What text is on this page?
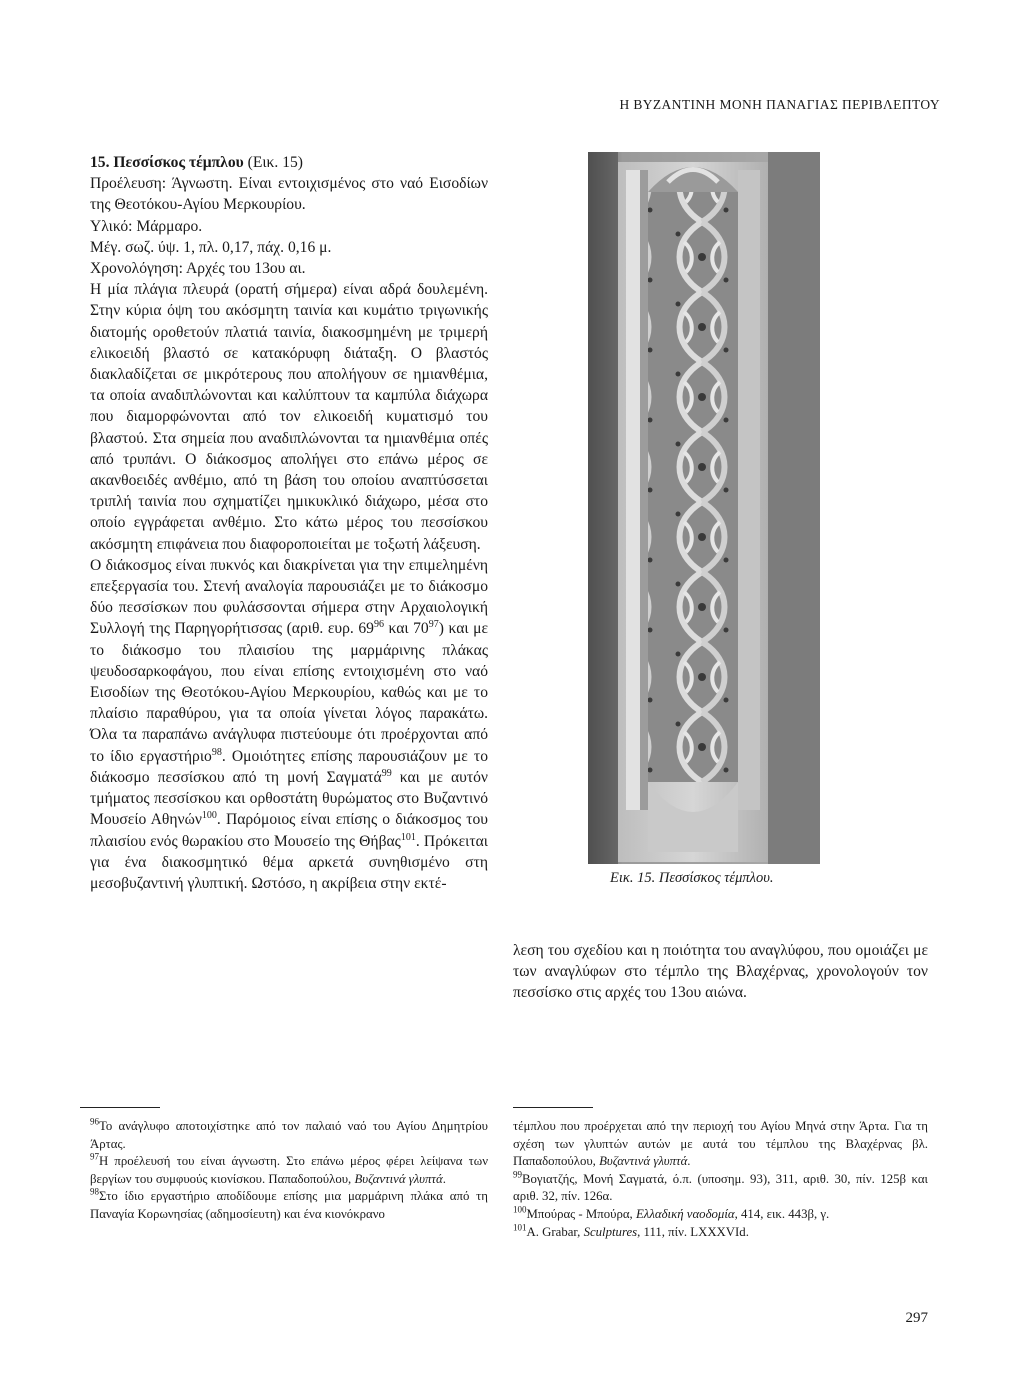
Η ΒΥΖΑΝΤΙΝΗ ΜΟΝΗ ΠΑΝΑΓΙΑΣ ΠΕΡΙΒΛΕΠΤΟΥ

15. Πεσσίσκος τέμπλου (Εικ. 15)

Προέλευση: Άγνωστη. Είναι εντοιχισμένος στο ναό Εισοδίων της Θεοτόκου-Αγίου Μερκουρίου.

Υλικό: Μάρμαρο.

Μέγ. σωζ. ύψ. 1, πλ. 0,17, πάχ. 0,16 μ.

Χρονολόγηση: Αρχές του 13ου αι.

Η μία πλάγια πλευρά (ορατή σήμερα) είναι αδρά δουλεμένη. Στην κύρια όψη του ακόσμητη ταινία και κυμάτιο τριγωνικής διατομής οροθετούν πλατιά ταινία, διακοσμημένη με τριμερή ελικοειδή βλαστό σε κατακόρυφη διάταξη. Ο βλαστός διακλαδίζεται σε μικρότερους που απολήγουν σε ημιανθέμια, τα οποία αναδιπλώνονται και καλύπτουν τα καμπύλα διάχωρα που διαμορφώνονται από τον ελικοειδή κυματισμό του βλαστού. Στα σημεία που αναδιπλώνονται τα ημιανθέμια οπές από τρυπάνι. Ο διάκοσμος απολήγει στο επάνω μέρος σε ακανθοειδές ανθέμιο, από τη βάση του οποίου αναπτύσσεται τριπλή ταινία που σχηματίζει ημικυκλικό διάχωρο, μέσα στο οποίο εγγράφεται ανθέμιο. Στο κάτω μέρος του πεσσίσκου ακόσμητη επιφάνεια που διαφοροποιείται με τοξωτή λάξευση.

Ο διάκοσμος είναι πυκνός και διακρίνεται για την επιμελημένη επεξεργασία του. Στενή αναλογία παρουσιάζει με το διάκοσμο δύο πεσσίσκων που φυλάσσονται σήμερα στην Αρχαιολογική Συλλογή της Παρηγορήτισσας (αριθ. ευρ. $69^{96}$ και $70^{97}$) και με το διάκοσμο του πλαισίου της μαρμάρινης πλάκας ψευδοσαρκοφάγου, που είναι επίσης εντοιχισμένη στο ναό Εισοδίων της Θεοτόκου-Αγίου Μερκουρίου, καθώς και με το πλαίσιο παραθύρου, για τα οποία γίνεται λόγος παρακάτω. Όλα τα παραπάνω ανάγλυφα πιστεύουμε ότι προέρχονται από το ίδιο εργαστήριο$^{98}$. Ομοιότητες επίσης παρουσιάζουν με το διάκοσμο πεσσίσκου από τη μονή Σαγματά$^{99}$ και με αυτόν τμήματος πεσσίσκου και ορθοστάτη θυρώματος στο Βυζαντινό Μουσείο Αθηνών$^{100}$. Παρόμοιος είναι επίσης ο διάκοσμος του πλαισίου ενός θωρακίου στο Μουσείο της Θήβας$^{101}$. Πρόκειται για ένα διακοσμητικό θέμα αρκετά συνηθισμένο στη μεσοβυζαντινή γλυπτική. Ωστόσο, η ακρίβεια στην εκτέ-	Εικ. 15. Πεσσίσκος τέμπλου.
λεση του σχεδίου και η ποιότητα του αναγλύφου, που ομοιάζει με των αναγλύφων στο τέμπλο της Βλαχέρνας, χρονολογούν τον πεσσίσκο στις αρχές του 13ου αιώνα.

$^{96}$Το ανάγλυφο αποτοιχίστηκε από τον παλαιό ναό του Αγίου Δημητρίου Άρτας.

$^{97}$Η προέλευσή του είναι άγνωστη. Στο επάνω μέρος φέρει λείψανα των βεργίων του συμφυούς κιονίσκου. Παπαδοπούλου, Βυζαντινά γλυπτά.

$^{98}$Στο ίδιο εργαστήριο αποδίδουμε επίσης μια μαρμάρινη πλάκα από τη Παναγία Κορωνησίας (αδημοσίευτη) και ένα κιονόκρανο

τέμπλου που προέρχεται από την περιοχή του Αγίου Μηνά στην Άρτα. Για τη σχέση των γλυπτών αυτών με αυτά του τέμπλου της Βλαχέρνας βλ. Παπαδοπούλου, Βυζαντινά γλυπτά.

$^{99}$Βογιατζής, Μονή Σαγματά, ό.π. (υποσημ. 93), 311, αριθ. 30, πίν. 125β και αριθ. 32, πίν. 126α.

$^{100}$Μπούρας - Μπούρα, Ελλαδική ναοδομία, 414, εικ. 443β, γ.

$^{101}$A. Grabar, Sculptures, 111, πίν. LXXXVId.

297
